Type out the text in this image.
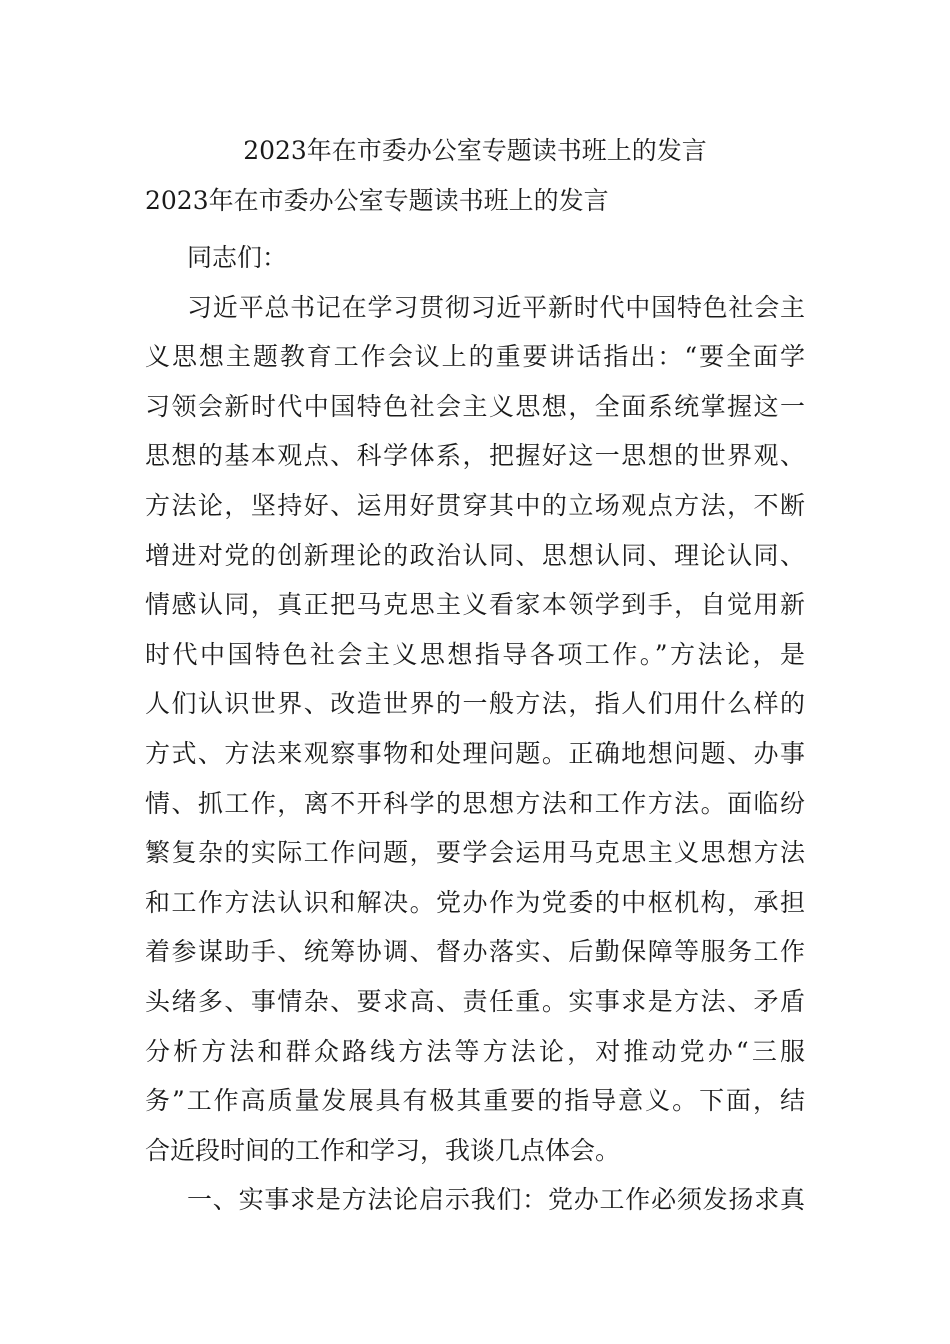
2023年在市委办公室专题读书班上的发言
2023年在市委办公室专题读书班上的发言
同志们：
习近平总书记在学习贯彻习近平新时代中国特色社会主
义思想主题教育工作会议上的重要讲话指出：“要全面学
习领会新时代中国特色社会主义思想，全面系统掌握这一
思想的基本观点、科学体系，把握好这一思想的世界观、
方法论，坚持好、运用好贯穿其中的立场观点方法，不断
增进对党的创新理论的政治认同、思想认同、理论认同、
情感认同，真正把马克思主义看家本领学到手，自觉用新
时代中国特色社会主义思想指导各项工作。”方法论，是
人们认识世界、改造世界的一般方法，指人们用什么样的
方式、方法来观察事物和处理问题。正确地想问题、办事
情、抓工作，离不开科学的思想方法和工作方法。面临纷
繁复杂的实际工作问题，要学会运用马克思主义思想方法
和工作方法认识和解决。党办作为党委的中枢机构，承担
着参谋助手、统筹协调、督办落实、后勤保障等服务工作
头绪多、事情杂、要求高、责任重。实事求是方法、矛盾
分析方法和群众路线方法等方法论，对推动党办“三服
务”工作高质量发展具有极其重要的指导意义。下面，结
合近段时间的工作和学习，我谈几点体会。
一、实事求是方法论启示我们：党办工作必须发扬求真
